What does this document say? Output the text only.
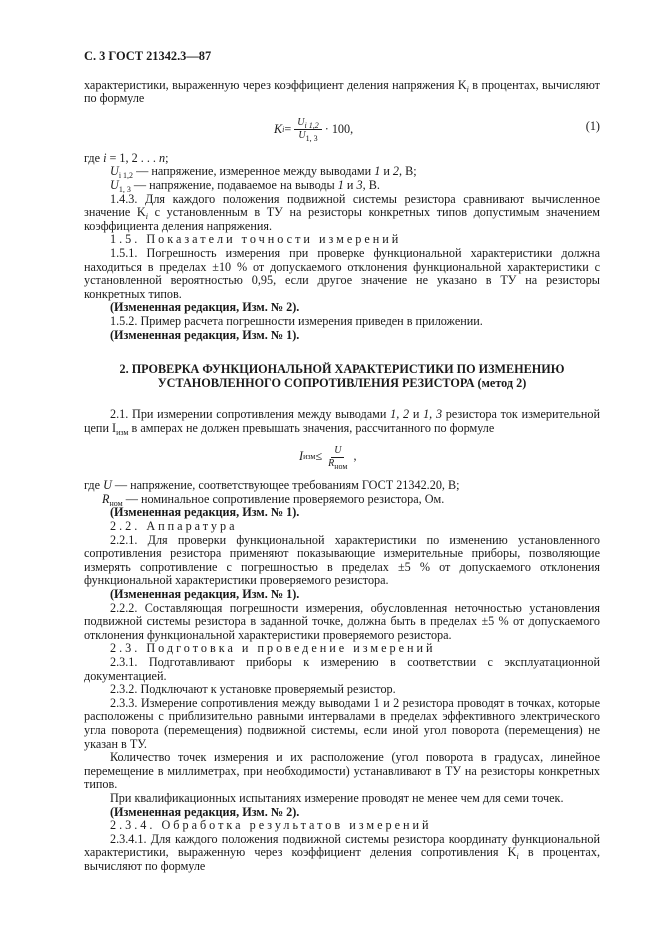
С. 3 ГОСТ 21342.3—87

характеристики, выраженную через коэффициент деления напряжения $K_i$ в процентах, вычисляют по формуле

K $i = \frac{U_{i 1,2}}{U_{1, 3}} \cdot 100$,	(1)

где i = 1, 2 . . . n;

$U_{i 1,2}$ — напряжение, измеренное между выводами 1 и 2, В;

$U_{1, 3}$ — напряжение, подаваемое на выводы 1 и 3, В.

1.4.3. Для каждого положения подвижной системы резистора сравнивают вычисленное значение $K_i$ с установленным в ТУ на резисторы конкретных типов допустимым значением коэффициента деления напряжения.

1.5. Показатели точности измерений

1.5.1. Погрешность измерения при проверке функциональной характеристики должна находиться в пределах ±10 % от допускаемого отклонения функциональной характеристики с установленной вероятностью 0,95, если другое значение не указано в ТУ на резисторы конкретных типов.

(Измененная редакция, Изм. № 2).

1.5.2. Пример расчета погрешности измерения приведен в приложении.

(Измененная редакция, Изм. № 1).

2. ПРОВЕРКА ФУНКЦИОНАЛЬНОЙ ХАРАКТЕРИСТИКИ ПО ИЗМЕНЕНИЮ
УСТАНОВЛЕННОГО СОПРОТИВЛЕНИЯ РЕЗИСТОРА (метод 2)

2.1. При измерении сопротивления между выводами 1, 2 и 1, 3 резистора ток измерительной цепи $I_{изм}$ в амперах не должен превышать значения, рассчитанного по формуле

I изм ≤ $\frac{U}{R_{ном}}$ ,

где U — напряжение, соответствующее требованиям ГОСТ 21342.20, В;

$R_{ном}$ — номинальное сопротивление проверяемого резистора, Ом.

(Измененная редакция, Изм. № 1).

2.2. Аппаратура

2.2.1. Для проверки функциональной характеристики по изменению установленного сопротивления резистора применяют показывающие измерительные приборы, позволяющие измерять сопротивление с погрешностью в пределах ±5 % от допускаемого отклонения функциональной характеристики проверяемого резистора.

(Измененная редакция, Изм. № 1).

2.2.2. Составляющая погрешности измерения, обусловленная неточностью установления подвижной системы резистора в заданной точке, должна быть в пределах ±5 % от допускаемого отклонения функциональной характеристики проверяемого резистора.

2.3. Подготовка и проведение измерений

2.3.1. Подготавливают приборы к измерению в соответствии с эксплуатационной документацией.

2.3.2. Подключают к установке проверяемый резистор.

2.3.3. Измерение сопротивления между выводами 1 и 2 резистора проводят в точках, которые расположены с приблизительно равными интервалами в пределах эффективного электрического угла поворота (перемещения) подвижной системы, если иной угол поворота (перемещения) не указан в ТУ.

Количество точек измерения и их расположение (угол поворота в градусах, линейное перемещение в миллиметрах, при необходимости) устанавливают в ТУ на резисторы конкретных типов.

При квалификационных испытаниях измерение проводят не менее чем для семи точек.

(Измененная редакция, Изм. № 2).

2.3.4. Обработка результатов измерений

2.3.4.1. Для каждого положения подвижной системы резистора координату функциональной характеристики, выраженную через коэффициент деления сопротивления $K_i$ в процентах, вычисляют по формуле
